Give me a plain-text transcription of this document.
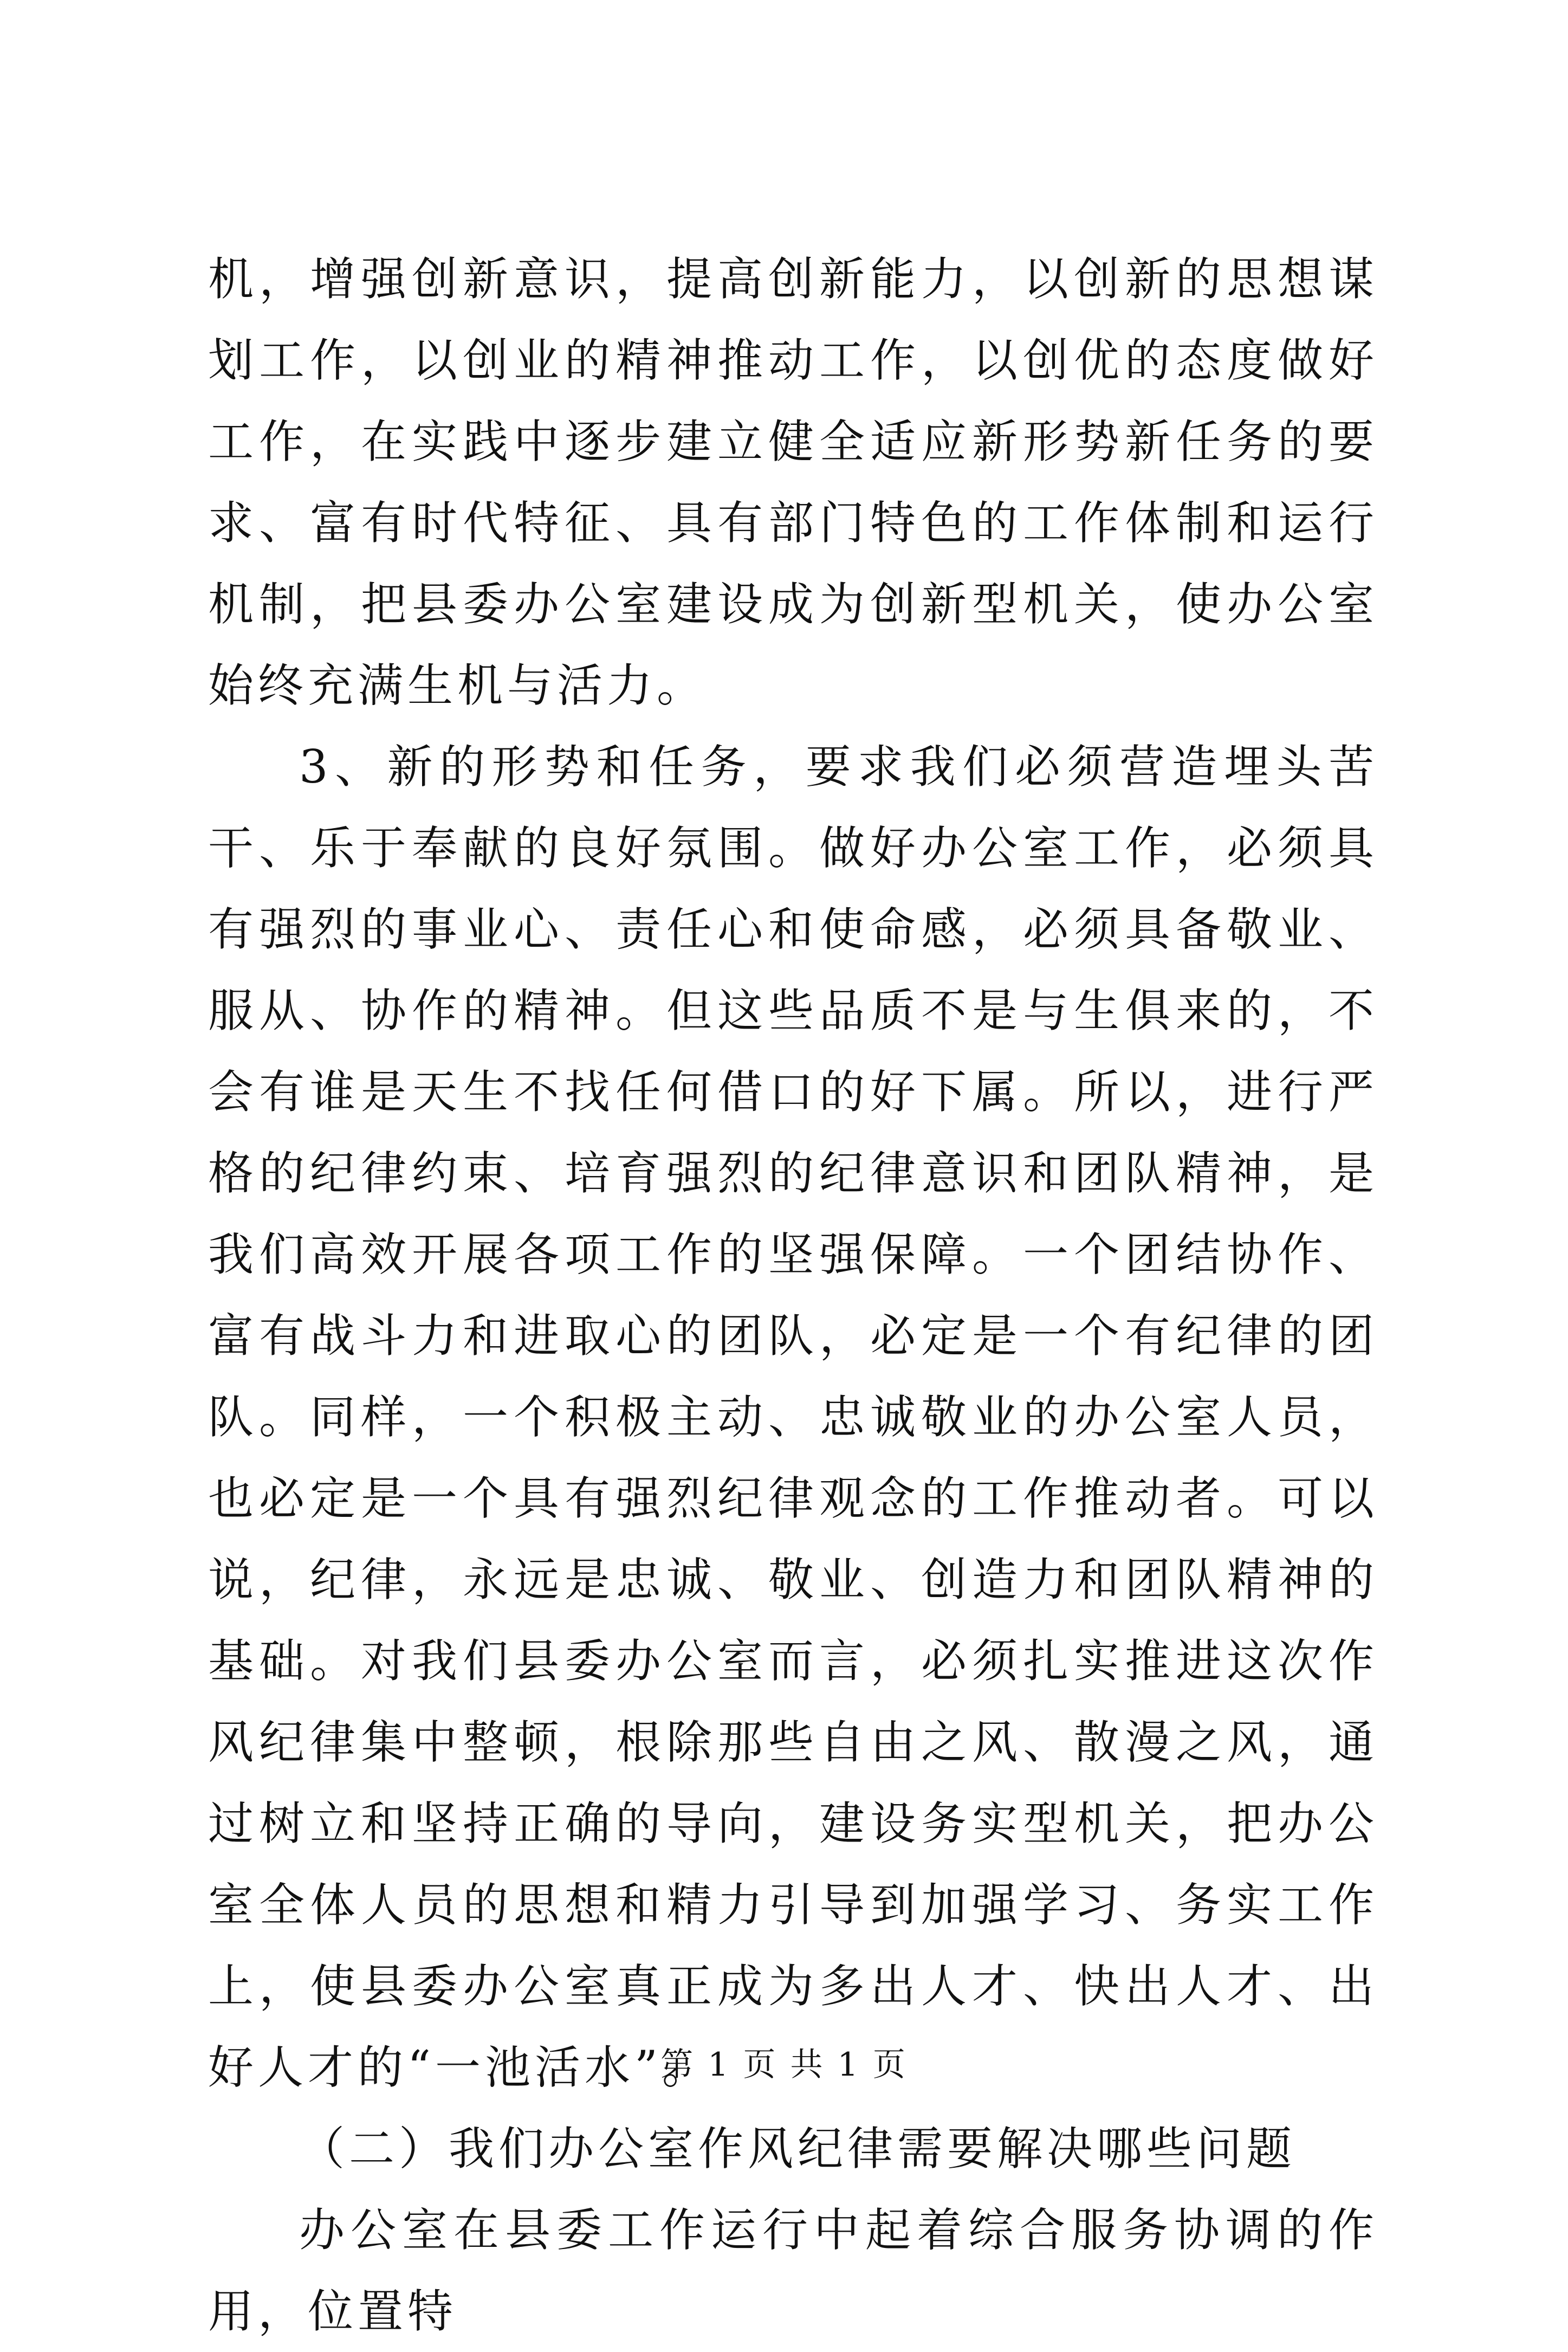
机，增强创新意识，提高创新能力，以创新的思想谋划工作，以创业的精神推动工作，以创优的态度做好工作，在实践中逐步建立健全适应新形势新任务的要求、富有时代特征、具有部门特色的工作体制和运行机制，把县委办公室建设成为创新型机关，使办公室始终充满生机与活力。

3、新的形势和任务，要求我们必须营造埋头苦干、乐于奉献的良好氛围。做好办公室工作，必须具有强烈的事业心、责任心和使命感，必须具备敬业、服从、协作的精神。但这些品质不是与生俱来的，不会有谁是天生不找任何借口的好下属。所以，进行严格的纪律约束、培育强烈的纪律意识和团队精神，是我们高效开展各项工作的坚强保障。一个团结协作、富有战斗力和进取心的团队，必定是一个有纪律的团队。同样，一个积极主动、忠诚敬业的办公室人员，也必定是一个具有强烈纪律观念的工作推动者。可以说，纪律，永远是忠诚、敬业、创造力和团队精神的基础。对我们县委办公室而言，必须扎实推进这次作风纪律集中整顿，根除那些自由之风、散漫之风，通过树立和坚持正确的导向，建设务实型机关，把办公室全体人员的思想和精力引导到加强学习、务实工作上，使县委办公室真正成为多出人才、快出人才、出好人才的“一池活水”。

（二）我们办公室作风纪律需要解决哪些问题

办公室在县委工作运行中起着综合服务协调的作用，位置特

第 1 页 共 1 页
